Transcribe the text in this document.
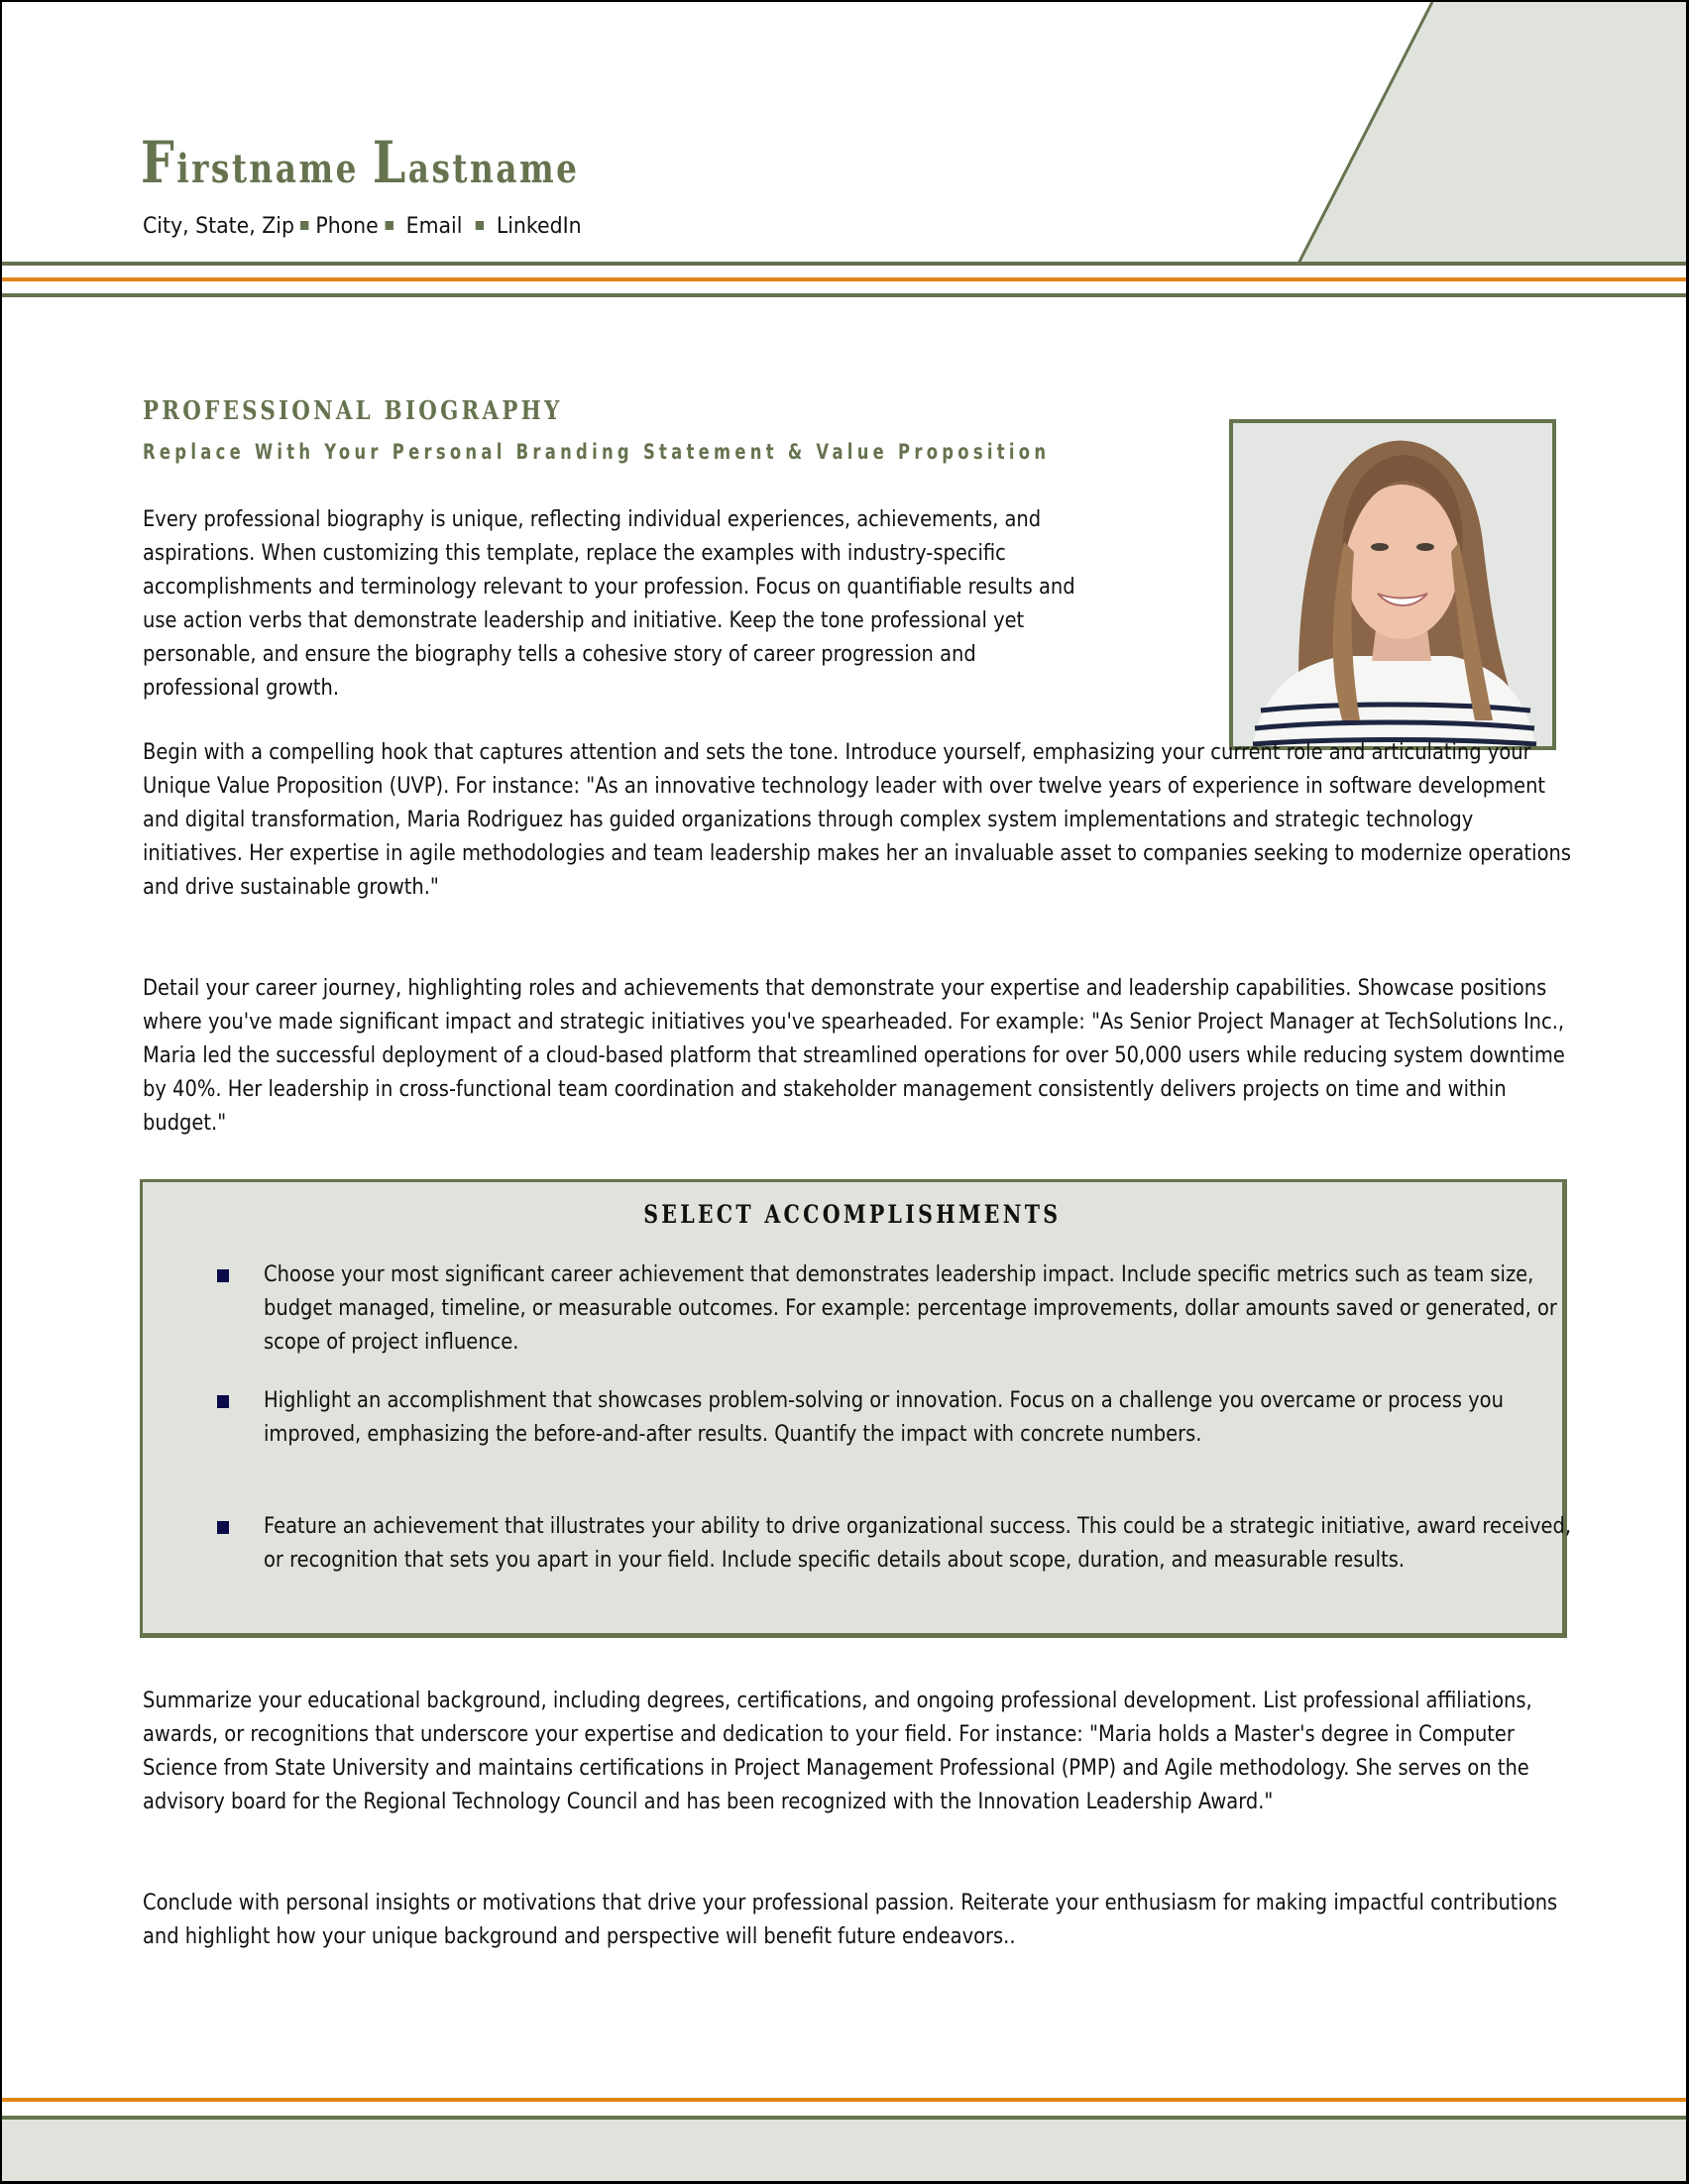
Firstname Lastname
City, State, Zip Phone Email LinkedIn
PROFESSIONAL BIOGRAPHY
Replace With Your Personal Branding Statement & Value Proposition

Every professional biography is unique, reflecting individual experiences, achievements, and aspirations. When customizing this template, replace the examples with industry-specific accomplishments and terminology relevant to your profession. Focus on quantifiable results and use action verbs that demonstrate leadership and initiative. Keep the tone professional yet personable, and ensure the biography tells a cohesive story of career progression and professional growth.

Begin with a compelling hook that captures attention and sets the tone. Introduce yourself, emphasizing your current role and articulating your Unique Value Proposition (UVP). For instance: "As an innovative technology leader with over twelve years of experience in software development and digital transformation, Maria Rodriguez has guided organizations through complex system implementations and strategic technology initiatives. Her expertise in agile methodologies and team leadership makes her an invaluable asset to companies seeking to modernize operations and drive sustainable growth."

Detail your career journey, highlighting roles and achievements that demonstrate your expertise and leadership capabilities. Showcase positions where you've made significant impact and strategic initiatives you've spearheaded. For example: "As Senior Project Manager at TechSolutions Inc., Maria led the successful deployment of a cloud-based platform that streamlined operations for over 50,000 users while reducing system downtime by 40%. Her leadership in cross-functional team coordination and stakeholder management consistently delivers projects on time and within budget."

SELECT ACCOMPLISHMENTS
Choose your most significant career achievement that demonstrates leadership impact. Include specific metrics such as team size, budget managed, timeline, or measurable outcomes. For example: percentage improvements, dollar amounts saved or generated, or scope of project influence.
Highlight an accomplishment that showcases problem-solving or innovation. Focus on a challenge you overcame or process you improved, emphasizing the before-and-after results. Quantify the impact with concrete numbers.
Feature an achievement that illustrates your ability to drive organizational success. This could be a strategic initiative, award received, or recognition that sets you apart in your field. Include specific details about scope, duration, and measurable results.

Summarize your educational background, including degrees, certifications, and ongoing professional development. List professional affiliations, awards, or recognitions that underscore your expertise and dedication to your field. For instance: "Maria holds a Master's degree in Computer Science from State University and maintains certifications in Project Management Professional (PMP) and Agile methodology. She serves on the advisory board for the Regional Technology Council and has been recognized with the Innovation Leadership Award."

Conclude with personal insights or motivations that drive your professional passion. Reiterate your enthusiasm for making impactful contributions and highlight how your unique background and perspective will benefit future endeavors..
